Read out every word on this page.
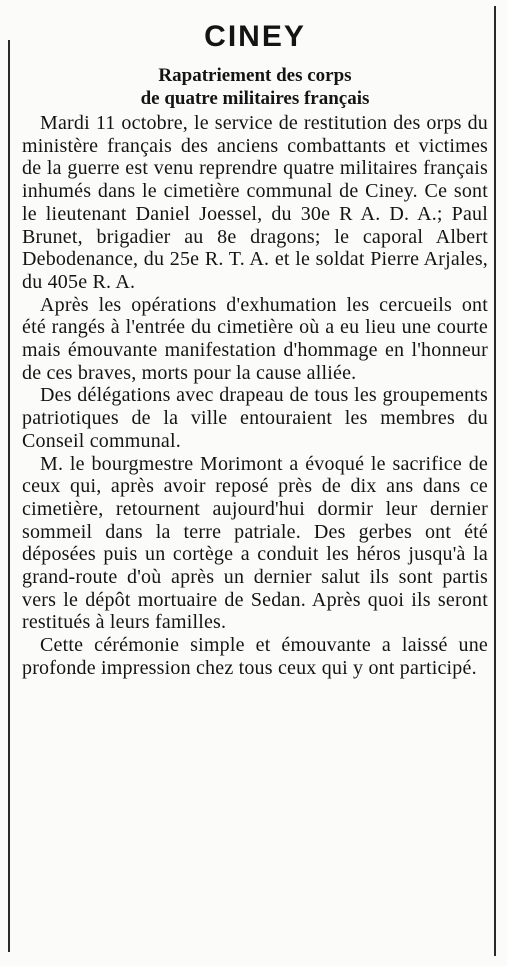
CINEY
Rapatriement des corps
de quatre militaires français

Mardi 11 octobre, le service de restitution des orps du ministère français des anciens combattants et victimes de la guerre est venu reprendre quatre militaires français inhumés dans le cimetière communal de Ciney. Ce sont le lieutenant Daniel Joessel, du 30e R A. D. A.; Paul Brunet, brigadier au 8e dragons; le caporal Albert Debodenance, du 25e R. T. A. et le soldat Pierre Arjales, du 405e R. A.

Après les opérations d'exhumation les cercueils ont été rangés à l'entrée du cimetière où a eu lieu une courte mais émouvante manifestation d'hommage en l'honneur de ces braves, morts pour la cause alliée.

Des délégations avec drapeau de tous les groupements patriotiques de la ville entouraient les membres du Conseil communal.

M. le bourgmestre Morimont a évoqué le sacrifice de ceux qui, après avoir reposé près de dix ans dans ce cimetière, retournent aujourd'hui dormir leur dernier sommeil dans la terre patriale. Des gerbes ont été déposées puis un cortège a conduit les héros jusqu'à la grand-route d'où après un dernier salut ils sont partis vers le dépôt mortuaire de Sedan. Après quoi ils seront restitués à leurs familles.

Cette cérémonie simple et émouvante a laissé une profonde impression chez tous ceux qui y ont participé.
